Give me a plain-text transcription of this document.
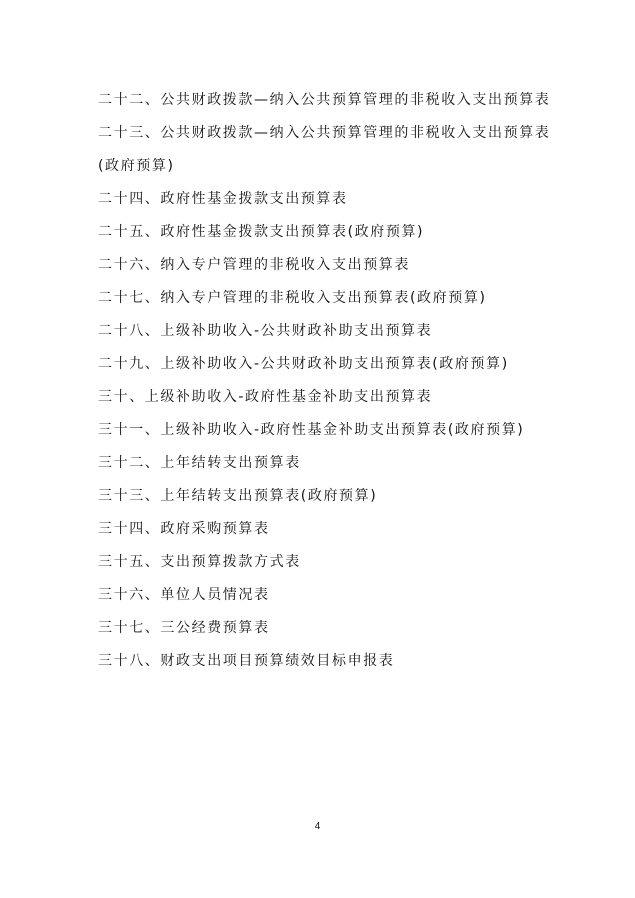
二十二、公共财政拨款—纳入公共预算管理的非税收入支出预算表
二十三、公共财政拨款—纳入公共预算管理的非税收入支出预算表
(政府预算)
二十四、政府性基金拨款支出预算表
二十五、政府性基金拨款支出预算表(政府预算)
二十六、纳入专户管理的非税收入支出预算表
二十七、纳入专户管理的非税收入支出预算表(政府预算)
二十八、上级补助收入-公共财政补助支出预算表
二十九、上级补助收入-公共财政补助支出预算表(政府预算)
三十、上级补助收入-政府性基金补助支出预算表
三十一、上级补助收入-政府性基金补助支出预算表(政府预算)
三十二、上年结转支出预算表
三十三、上年结转支出预算表(政府预算)
三十四、政府采购预算表
三十五、支出预算拨款方式表
三十六、单位人员情况表
三十七、三公经费预算表
三十八、财政支出项目预算绩效目标申报表
4
